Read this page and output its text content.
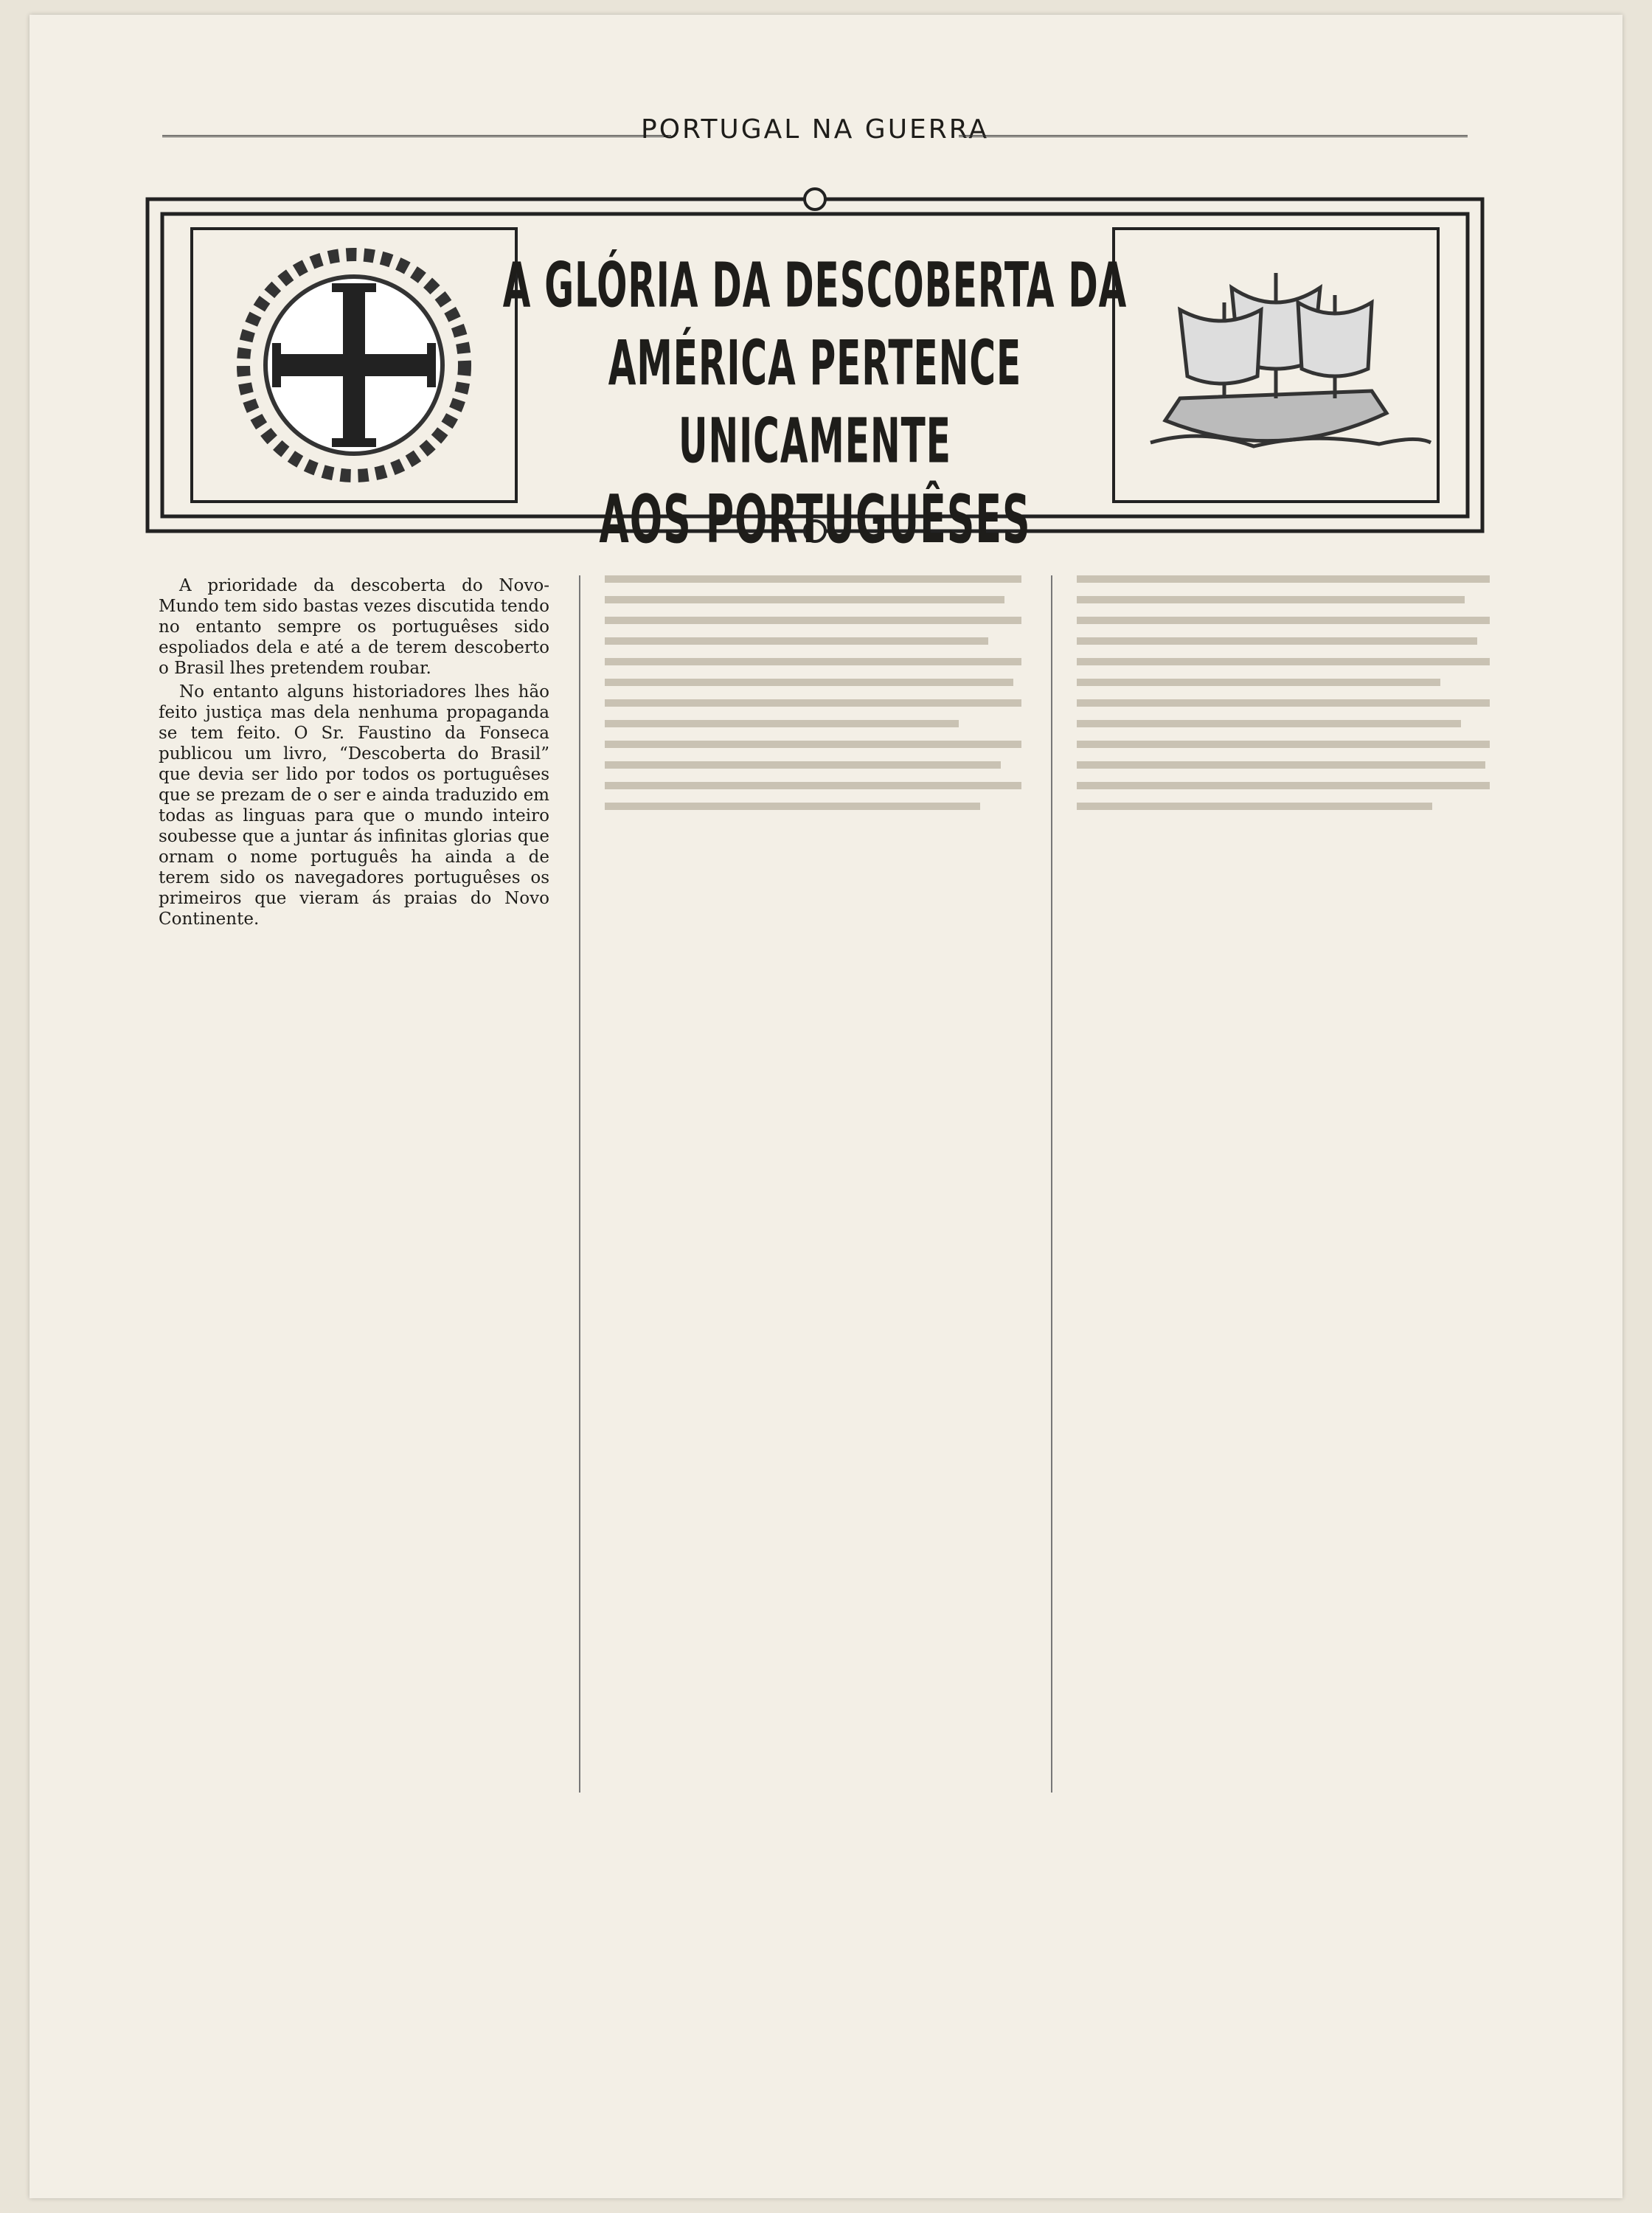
PORTUGAL NA GUERRA
A GLÓRIA DA DESCOBERTA DA
AMÉRICA PERTENCE UNICAMENTE
AOS PORTUGUÊSES

A prioridade da descoberta do Novo-Mundo tem sido bastas vezes discutida tendo no entanto sempre os portuguêses sido espoliados dela e até a de terem descoberto o Brasil lhes pretendem roubar.

No entanto alguns historiadores lhes hão feito justiça mas dela nenhuma propaganda se tem feito. O Sr. Faustino da Fonseca publicou um livro, “Descoberta do Brasil” que devia ser lido por todos os portuguêses que se prezam de o ser e ainda traduzido em todas as linguas para que o mundo inteiro soubesse que a juntar ás infinitas glorias que ornam o nome português ha ainda a de terem sido os navegadores portuguêses os primeiros que vieram ás praias do Novo Continente.
